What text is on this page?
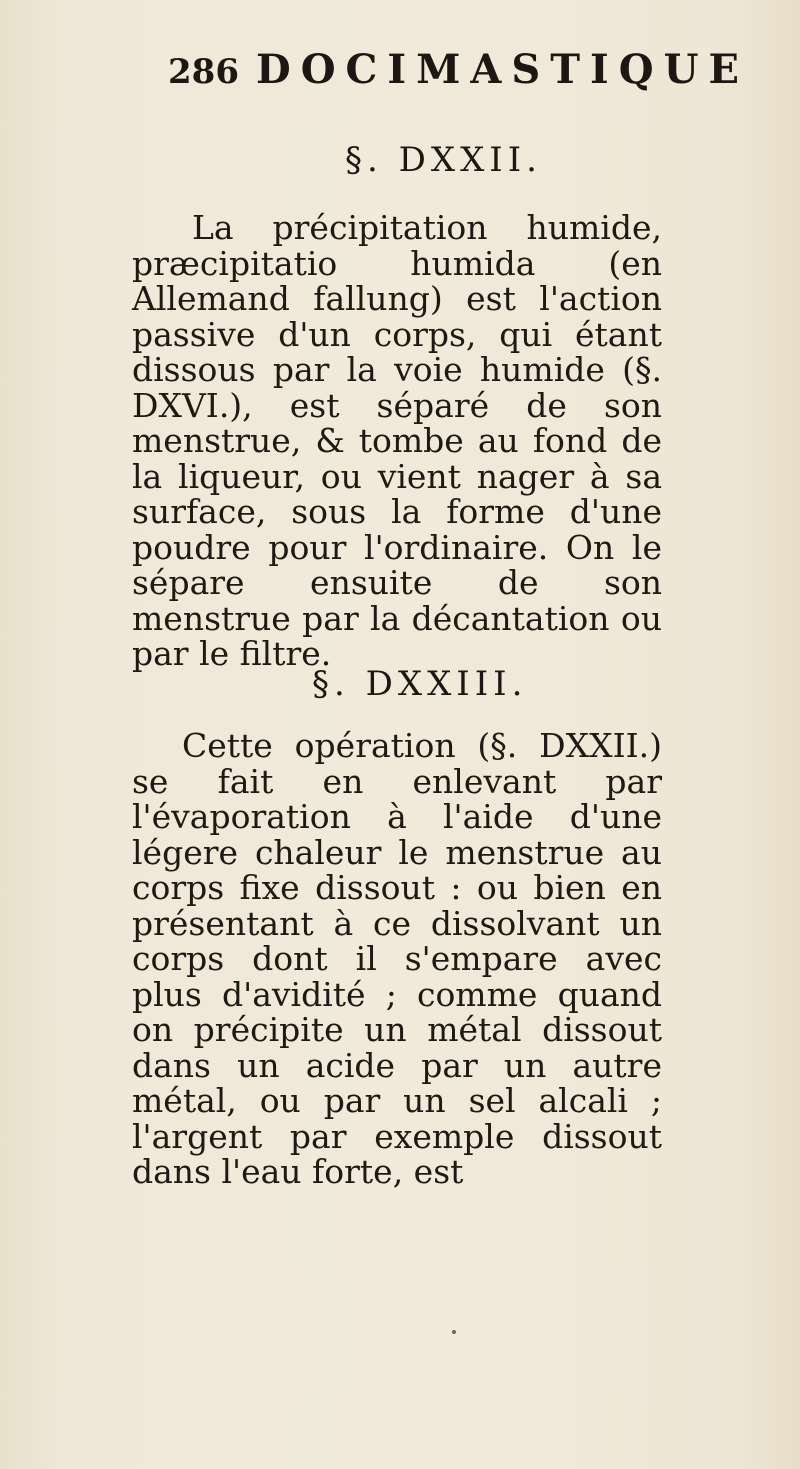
286 DOCIMASTIQUE
§. DXXII.

La précipitation humide, præcipitatio humida (en Allemand fallung) est l'action passive d'un corps, qui étant dissous par la voie humide (§. DXVI.), est séparé de son menstrue, & tombe au fond de la liqueur, ou vient nager à sa surface, sous la forme d'une poudre pour l'ordinaire. On le sépare ensuite de son menstrue par la décantation ou par le filtre.

§. DXXIII.

Cette opération (§. DXXII.) se fait en enlevant par l'évaporation à l'aide d'une légere chaleur le menstrue au corps fixe dissout : ou bien en présentant à ce dissolvant un corps dont il s'empare avec plus d'avidité ; comme quand on précipite un métal dissout dans un acide par un autre métal, ou par un sel alcali ; l'argent par exemple dissout dans l'eau forte, est
